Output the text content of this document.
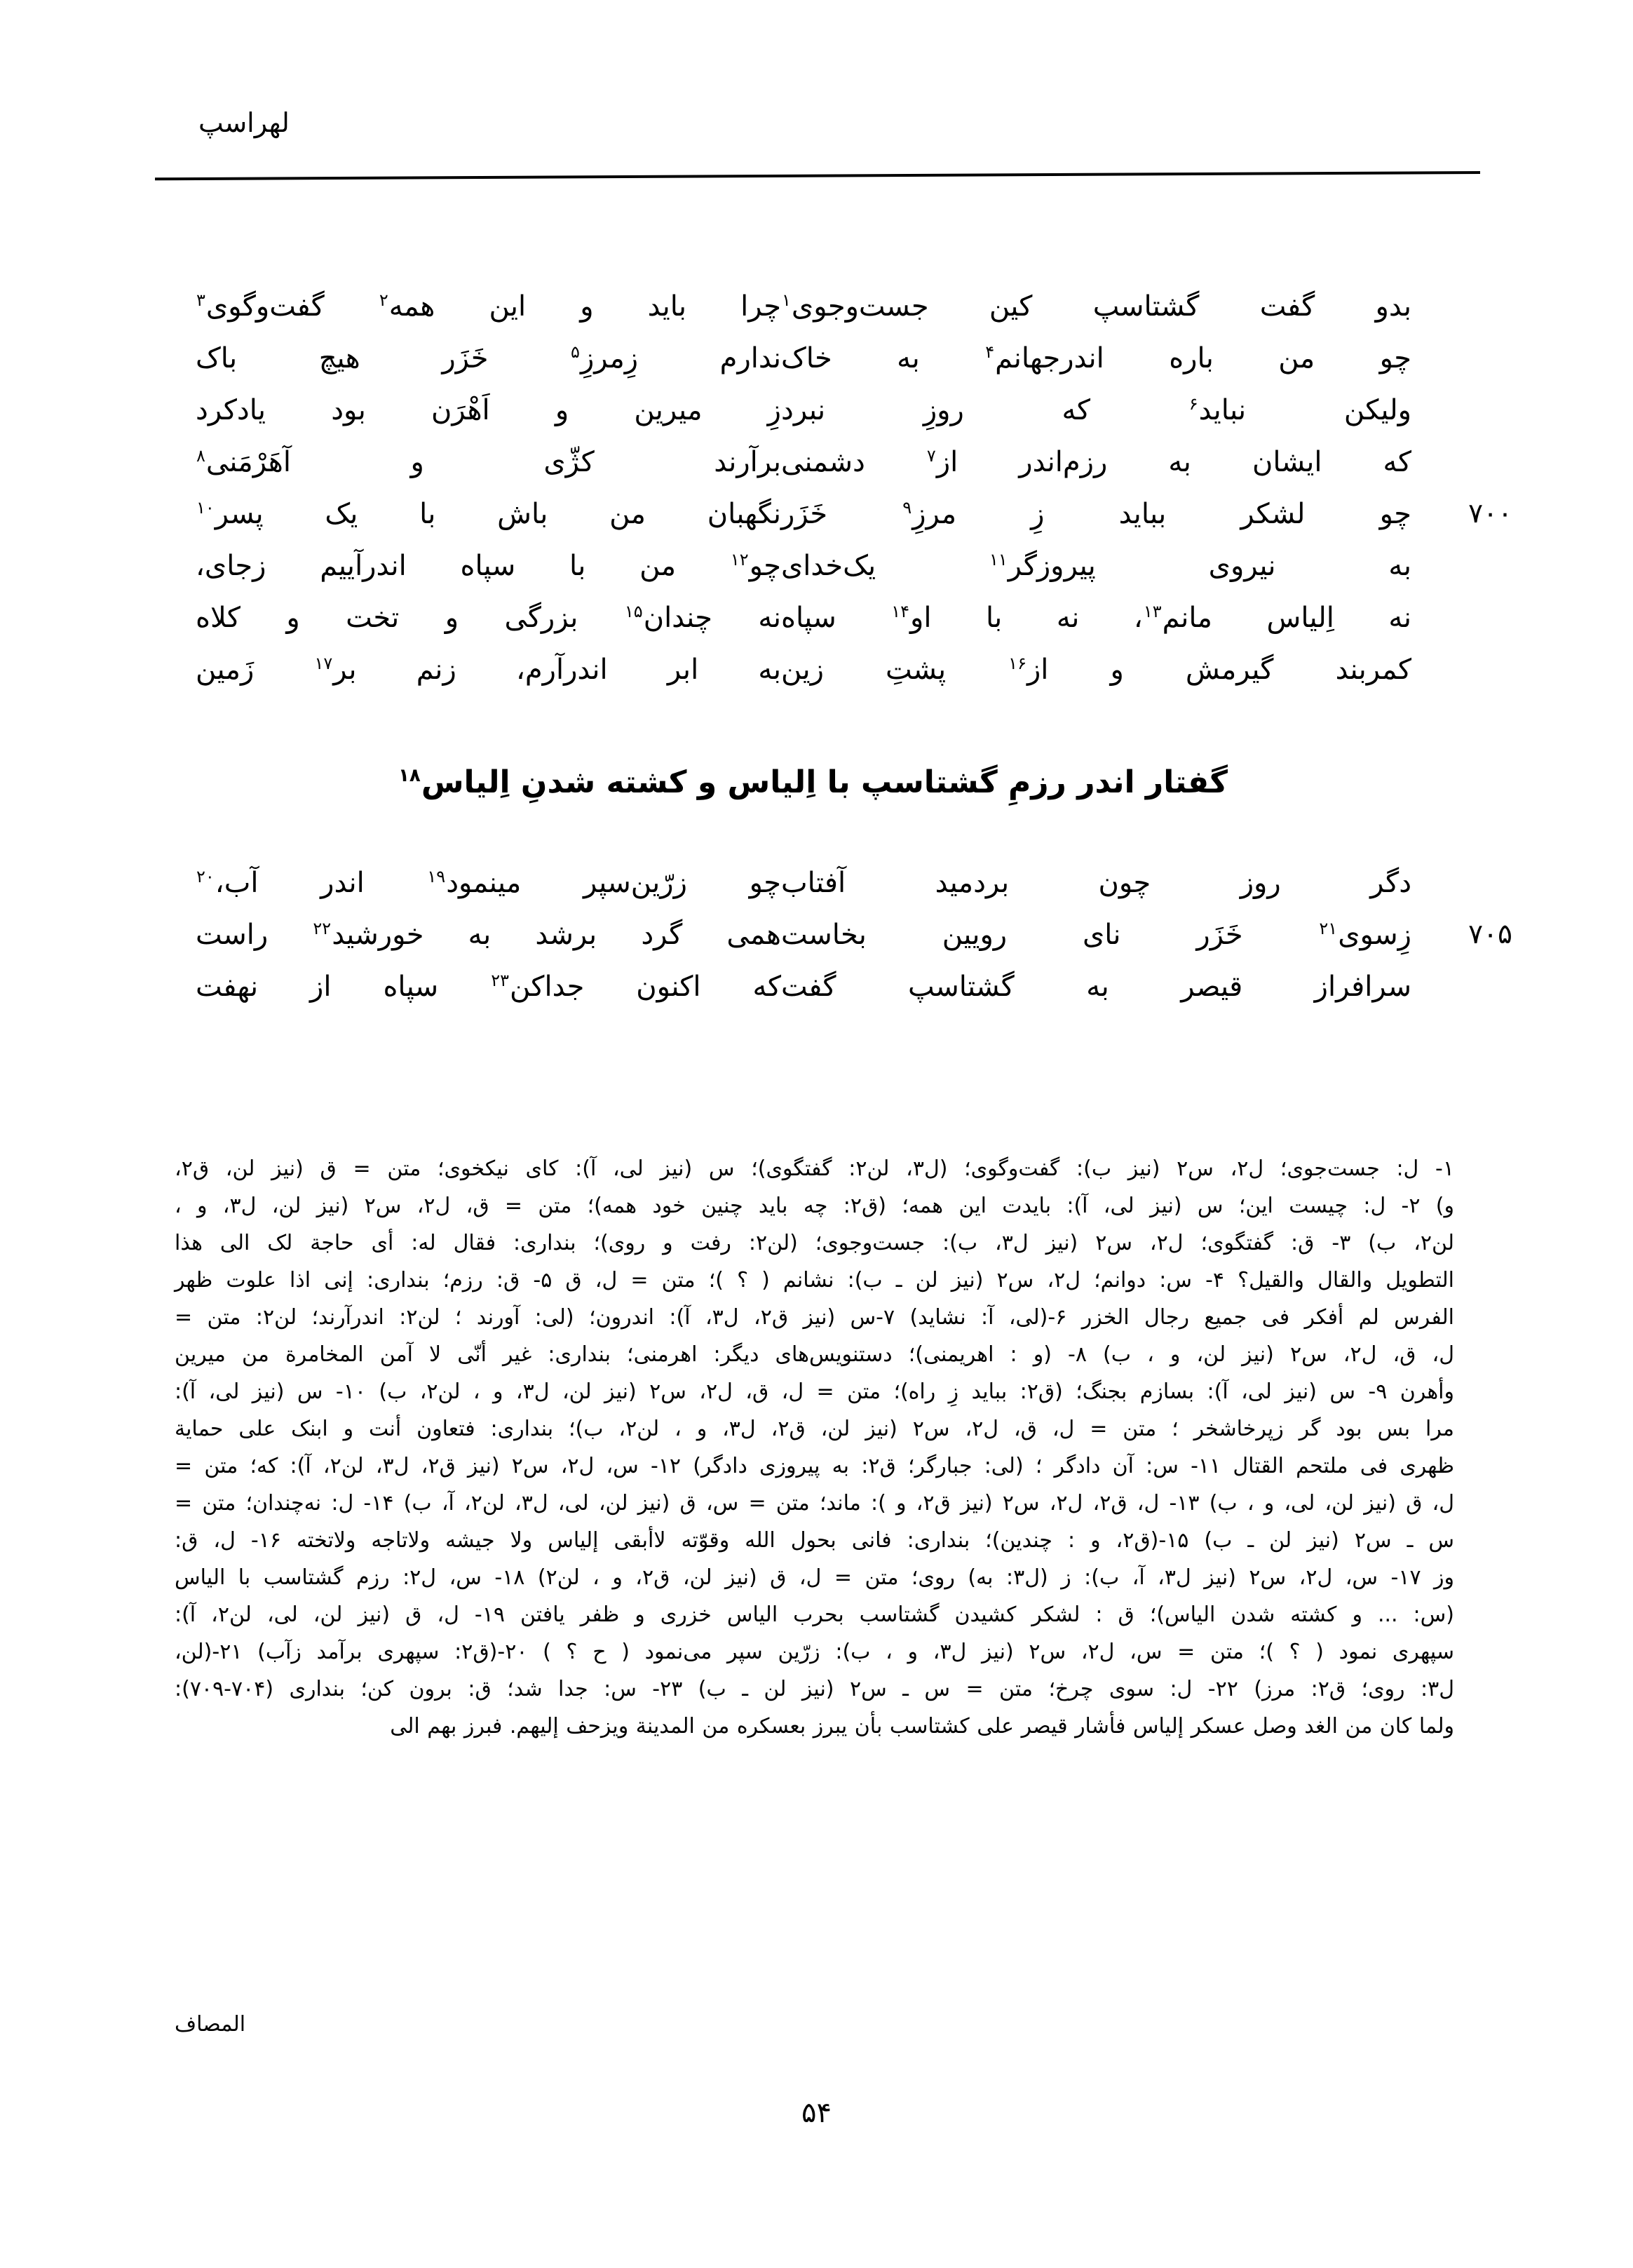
لهراسپ
بدو گفت گشتاسپ کین جست‌وجوی$^۱$
چرا باید و این همه$^۲$ گفت‌وگوی$^۳$
چو من باره اندرجهانم$^۴$ به خاک
ندارم زِمرزِ$^۵$ خَزَر هیچ باک
ولیکن نباید$^۶$ که روزِ نبرد
زِ میرین و اَهْرَن بود یادکرد
که ایشان به رزم‌اندر از$^۷$ دشمنی
برآرند کژّی و آهَرْمَنی$^۸$
۷۰۰
چو لشکر بباید زِ مرزِ$^۹$ خَزَر
نگهبان من باش با یک پسر$^{۱۰}$
به نیروی پیروزگر$^{۱۱}$ یک‌خدای
چو$^{۱۲}$ من با سپاه اندرآییم زجای،
نه اِلیاس مانم$^{۱۳}$، نه با او$^{۱۴}$ سپاه
نه چندان$^{۱۵}$ بزرگی و تخت و کلاه
کمربند گیرمش و از$^{۱۶}$ پشتِ زین
به ابر اندرآرم، زنم بر$^{۱۷}$ زَمین
گفتار اندر رزمِ گشتاسپ با اِلیاس و کشته شدنِ اِلیاس$^{۱۸}$
دگر روز چون بردمید آفتاب
چو زرّین‌سپر مینمود$^{۱۹}$ اندر آب،$^{۲۰}$
۷۰۵
زِسوی$^{۲۱}$ خَزَر نای رویین بخاست
همی گرد برشد به خورشید$^{۲۲}$ راست
سرافراز قیصر به گشتاسپ گفت
که اکنون جداکن$^{۲۳}$ سپاه از نهفت
۱- ل: جست‌جوی؛ ل۲، س۲ (نیز ب): گفت‌وگوی؛ (ل۳، لن۲: گفتگوی)؛ س (نیز لی، آ): کای نیکخوی؛ متن = ق (نیز لن، ق۲،
و) ۲- ل: چیست این؛ س (نیز لی، آ): بایدت این همه؛ (ق۲: چه باید چنین خود همه)؛ متن = ق، ل۲، س۲ (نیز لن، ل۳، و ،
لن۲، ب) ۳- ق: گفتگوی؛ ل۲، س۲ (نیز ل۳، ب): جست‌وجوی؛ (لن۲: رفت و روی)؛ بنداری: فقال له: أی حاجة لک الی هذا
التطویل والقال والقیل؟ ۴- س: دوانم؛ ل۲، س۲ (نیز لن ـ ب): نشانم ( ؟ )؛ متن = ل، ق ۵- ق: رزم؛ بنداری: إنی اذا علوت ظهر
الفرس لم أفکر فی جمیع رجال الخزر ۶-(لی، آ: نشاید) ۷-س (نیز ق۲، ل۳، آ): اندرون؛ (لی: آورند ؛ لن۲: اندرآرند؛ لن۲: متن =
ل، ق، ل۲، س۲ (نیز لن، و ، ب) ۸- (و : اهریمنی)؛ دستنویس‌های دیگر: اهرمنی؛ بنداری: غیر أنّی لا آمن المخامرة من میرین
وأهرن ۹- س (نیز لی، آ): بسازم بجنگ؛ (ق۲: بباید زِ راه)؛ متن = ل، ق، ل۲، س۲ (نیز لن، ل۳، و ، لن۲، ب) ۱۰- س (نیز لی، آ):
مرا بس بود گر زپرخاشخر ؛ متن = ل، ق، ل۲، س۲ (نیز لن، ق۲، ل۳، و ، لن۲، ب)؛ بنداری: فتعاون أنت و ابنک علی حمایة
ظهری فی ملتحم القتال ۱۱- س: آن دادگر ؛ (لی: جبارگر؛ ق۲: به پیروزی دادگر) ۱۲- س، ل۲، س۲ (نیز ق۲، ل۳، لن۲، آ): که؛ متن =
ل، ق (نیز لن، لی، و ، ب) ۱۳- ل، ق۲، ل۲، س۲ (نیز ق۲، و ): ماند؛ متن = س، ق (نیز لن، لی، ل۳، لن۲، آ، ب) ۱۴- ل: نه‌چندان؛ متن =
س ـ س۲ (نیز لن ـ ب) ۱۵-(ق۲، و : چندین)؛ بنداری: فانی بحول الله وقوّته لاأبقی إلیاس ولا جیشه ولاتاجه ولاتخته ۱۶- ل، ق:
وز ۱۷- س، ل۲، س۲ (نیز ل۳، آ، ب): ز (ل۳: به) روی؛ متن = ل، ق (نیز لن، ق۲، و ، لن۲) ۱۸- س، ل۲: رزم گشتاسب با الیاس
(س: ... و کشته شدن الیاس)؛ ق : لشکر کشیدن گشتاسب بحرب الیاس خزری و ظفر یافتن ۱۹- ل، ق (نیز لن، لی، لن۲، آ):
سپهری نمود ( ؟ )؛ متن = س، ل۲، س۲ (نیز ل۳، و ، ب): زرّین سپر می‌نمود ( ح ؟ ) ۲۰-(ق۲: سپهری برآمد زآب) ۲۱-(لن،
ل۳: روی؛ ق۲: مرز) ۲۲- ل: سوی چرخ؛ متن = س ـ س۲ (نیز لن ـ ب) ۲۳- س: جدا شد؛ ق: برون کن؛ بنداری (۷۰۴-۷۰۹):
ولما کان من الغد وصل عسکر إلیاس فأشار قیصر علی کشتاسب بأن یبرز بعسکره من المدینة ویزحف إلیهم. فبرز بهم الی
المصاف
۵۴
